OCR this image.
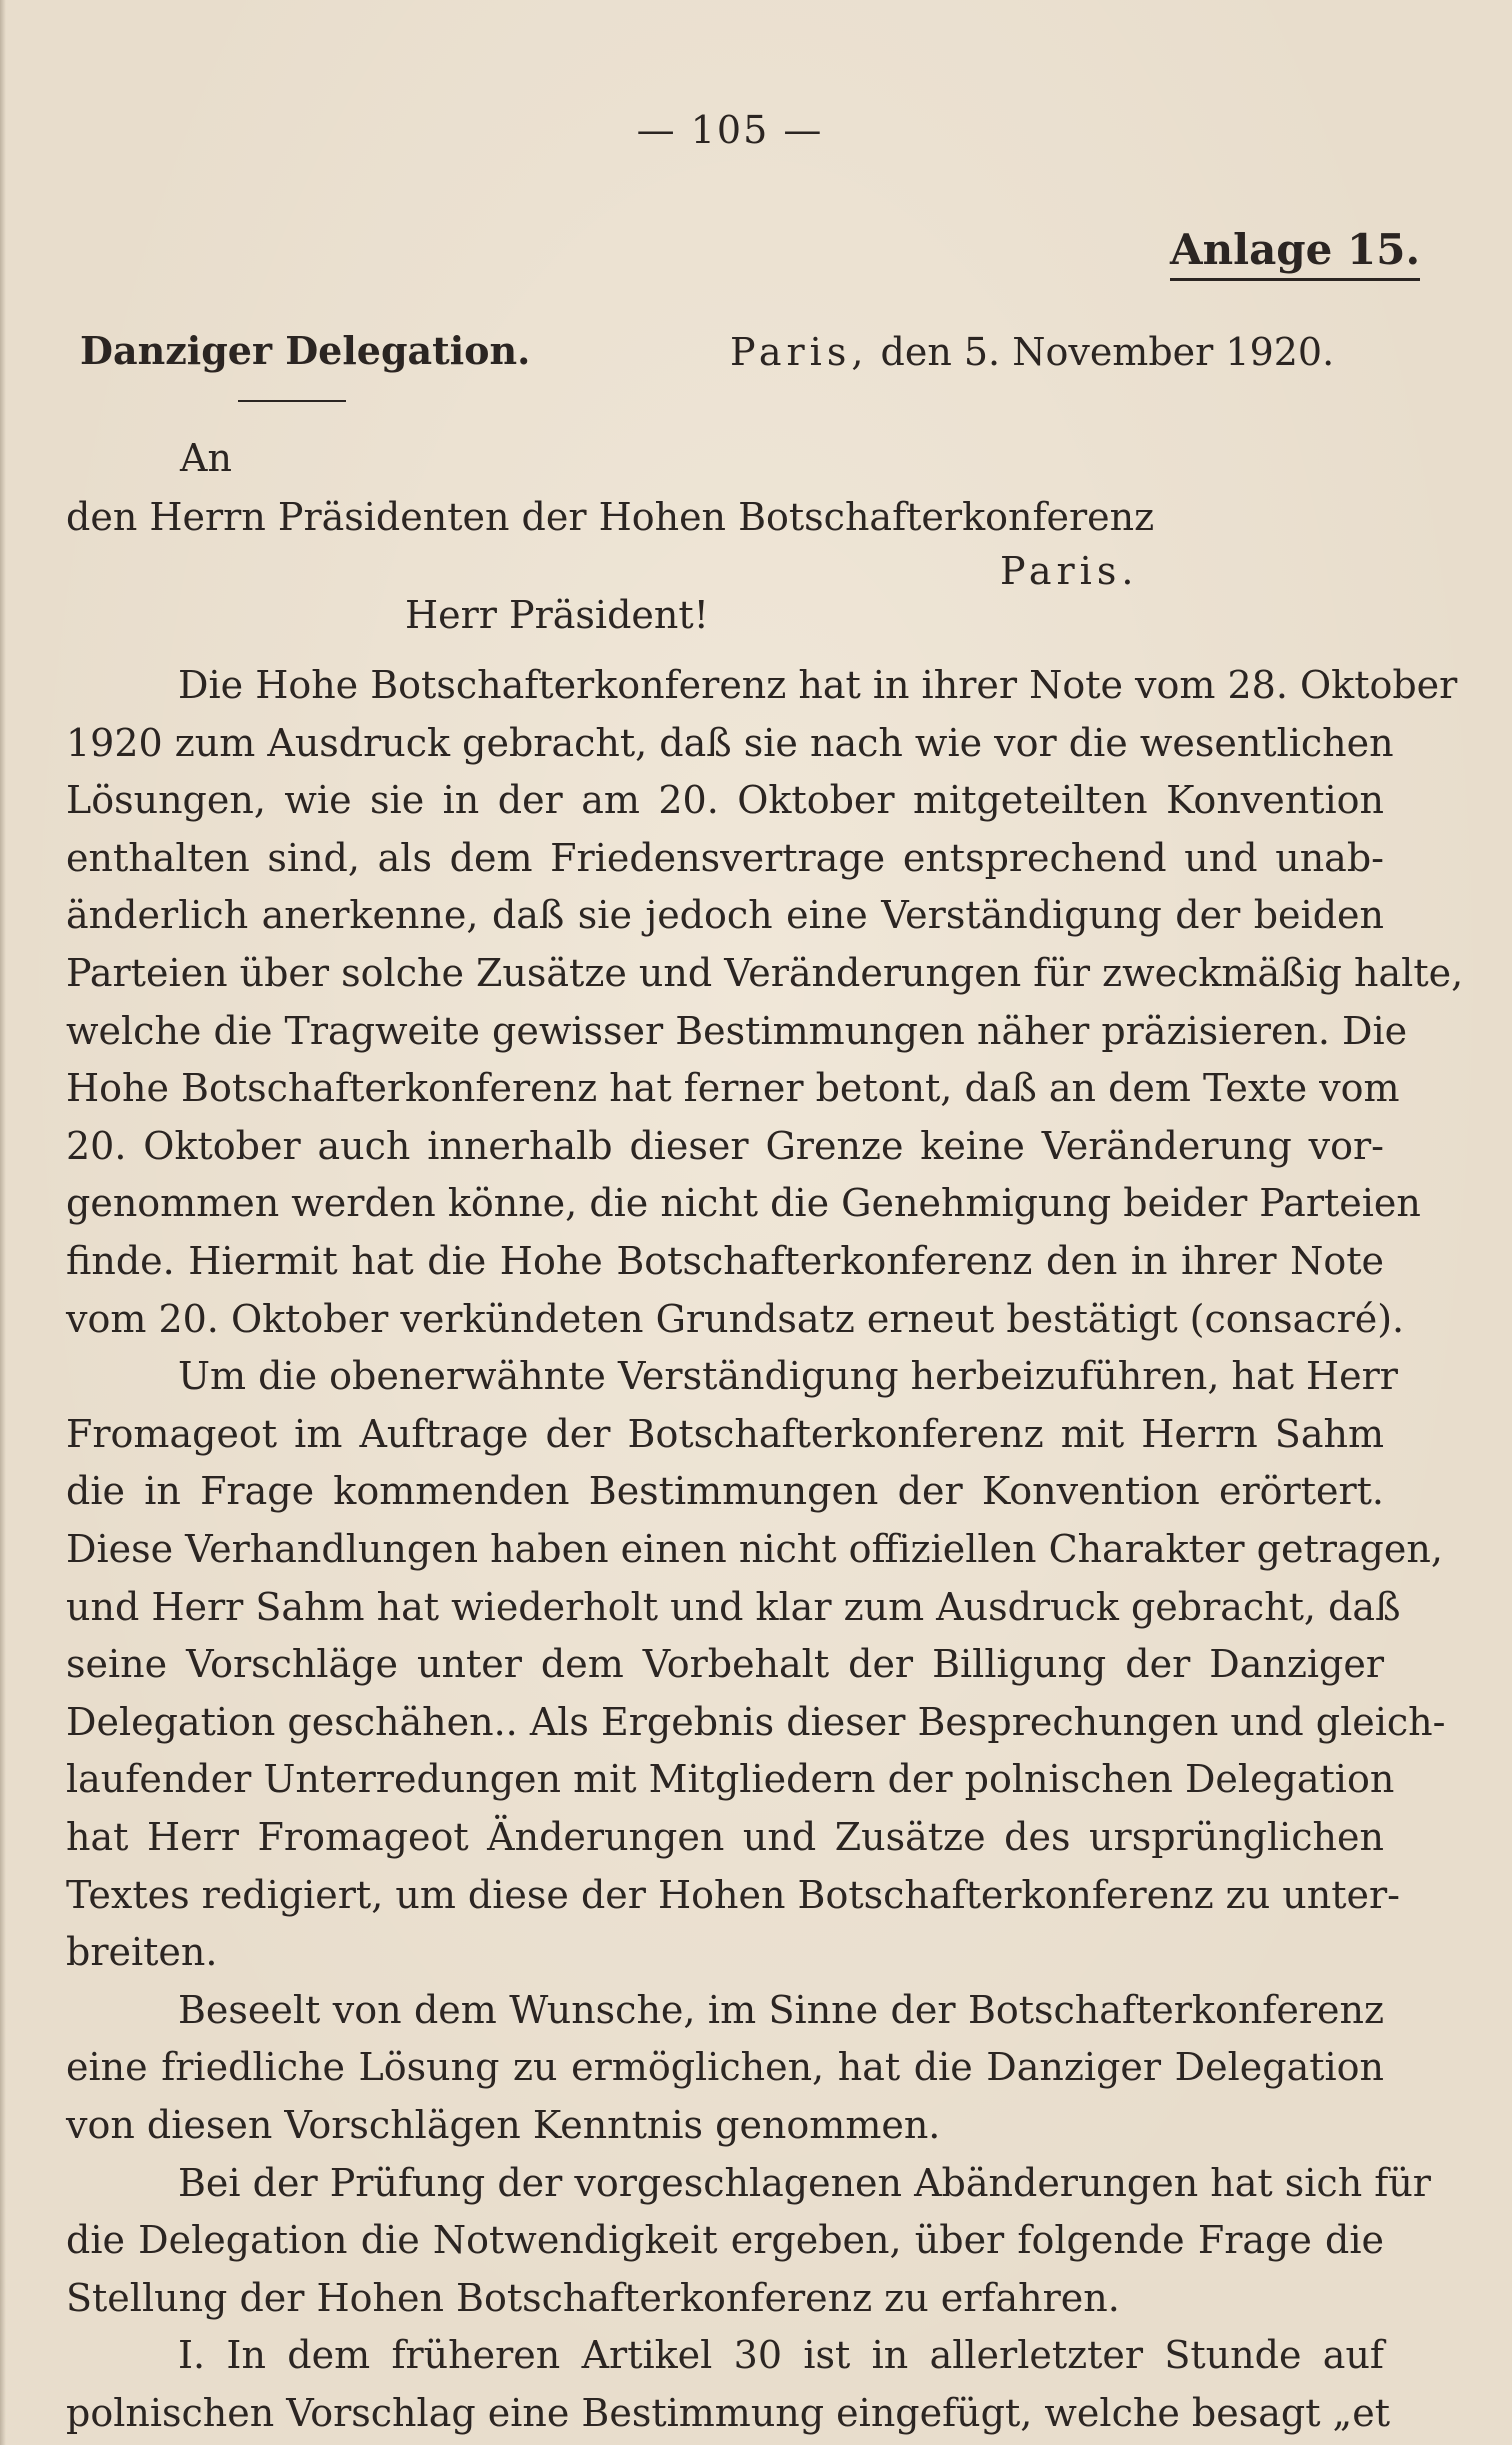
— 105 —
Anlage 15.
Danziger Delegation.	Paris, den 5. November 1920.
An
den Herrn Präsidenten der Hohen Botschafterkonferenz
Paris.
Herr Präsident!
Die Hohe Botschafterkonferenz hat in ihrer Note vom 28. Oktober
1920 zum Ausdruck gebracht, daß sie nach wie vor die wesentlichen
Lösungen, wie sie in der am 20. Oktober mitgeteilten Konvention
enthalten sind, als dem Friedensvertrage entsprechend und unab-
änderlich anerkenne, daß sie jedoch eine Verständigung der beiden
Parteien über solche Zusätze und Veränderungen für zweckmäßig halte,
welche die Tragweite gewisser Bestimmungen näher präzisieren. Die
Hohe Botschafterkonferenz hat ferner betont, daß an dem Texte vom
20. Oktober auch innerhalb dieser Grenze keine Veränderung vor-
genommen werden könne, die nicht die Genehmigung beider Parteien
finde. Hiermit hat die Hohe Botschafterkonferenz den in ihrer Note
vom 20. Oktober verkündeten Grundsatz erneut bestätigt (consacré).
Um die obenerwähnte Verständigung herbeizuführen, hat Herr
Fromageot im Auftrage der Botschafterkonferenz mit Herrn Sahm
die in Frage kommenden Bestimmungen der Konvention erörtert.
Diese Verhandlungen haben einen nicht offiziellen Charakter getragen,
und Herr Sahm hat wiederholt und klar zum Ausdruck gebracht, daß
seine Vorschläge unter dem Vorbehalt der Billigung der Danziger
Delegation geschähen.. Als Ergebnis dieser Besprechungen und gleich-
laufender Unterredungen mit Mitgliedern der polnischen Delegation
hat Herr Fromageot Änderungen und Zusätze des ursprünglichen
Textes redigiert, um diese der Hohen Botschafterkonferenz zu unter-
breiten.
Beseelt von dem Wunsche, im Sinne der Botschafterkonferenz
eine friedliche Lösung zu ermöglichen, hat die Danziger Delegation
von diesen Vorschlägen Kenntnis genommen.
Bei der Prüfung der vorgeschlagenen Abänderungen hat sich für
die Delegation die Notwendigkeit ergeben, über folgende Frage die
Stellung der Hohen Botschafterkonferenz zu erfahren.
I. In dem früheren Artikel 30 ist in allerletzter Stunde auf
polnischen Vorschlag eine Bestimmung eingefügt, welche besagt „et
